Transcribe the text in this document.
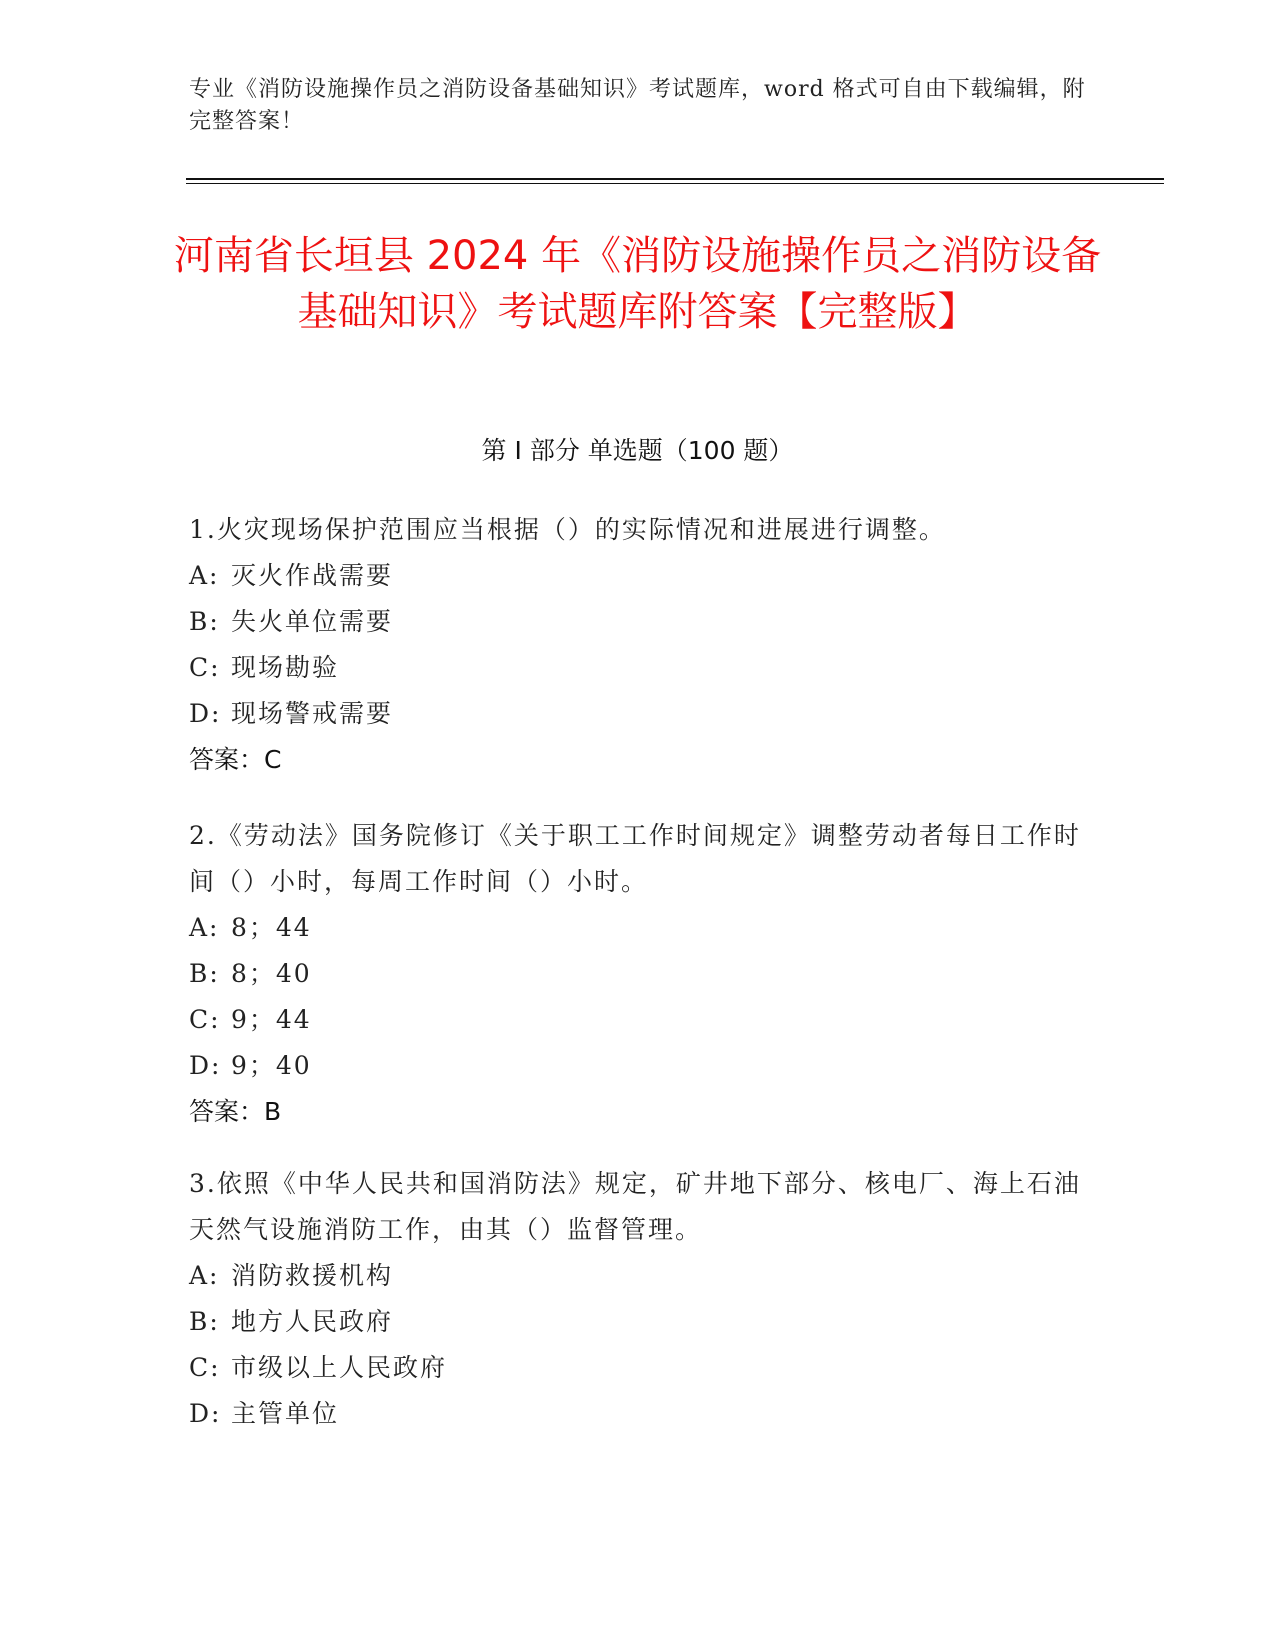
专业《消防设施操作员之消防设备基础知识》考试题库，word 格式可自由下载编辑，附完整答案！
河南省长垣县 2024 年《消防设施操作员之消防设备基础知识》考试题库附答案【完整版】
第 I 部分 单选题（100 题）
1.火灾现场保护范围应当根据（）的实际情况和进展进行调整。
A: 灭火作战需要
B: 失火单位需要
C: 现场勘验
D: 现场警戒需要
答案：C
2.《劳动法》国务院修订《关于职工工作时间规定》调整劳动者每日工作时间（）小时，每周工作时间（）小时。
A: 8；44
B: 8；40
C: 9；44
D: 9；40
答案：B
3.依照《中华人民共和国消防法》规定，矿井地下部分、核电厂、海上石油天然气设施消防工作，由其（）监督管理。
A: 消防救援机构
B: 地方人民政府
C: 市级以上人民政府
D: 主管单位
